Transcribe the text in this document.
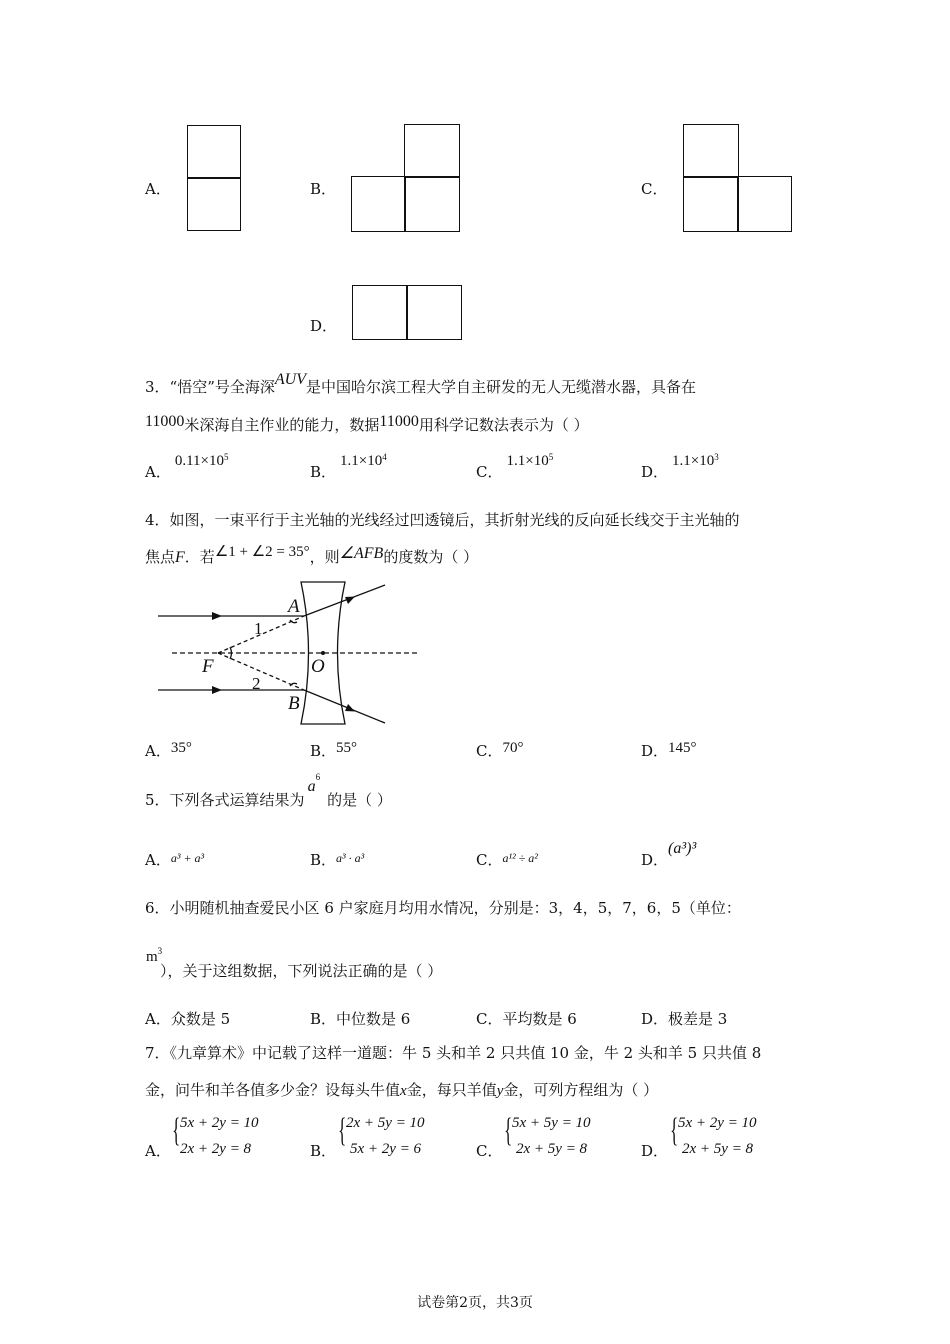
A．	B．	C．
D．
3．“悟空”号全海深AUV是中国哈尔滨工程大学自主研发的无人无缆潜水器，具备在
11000米深海自主作业的能力，数据11000用科学记数法表示为（ ）
A．$0.11\times 10^5$
B．$1.1\times 10^4$
C．$1.1\times 10^5$
D．$1.1\times 10^3$
4．如图，一束平行于主光轴的光线经过凹透镜后，其折射光线的反向延长线交于主光轴的
焦点F．若∠1 + ∠2 = 35°，则∠AFB的度数为（ ）
A
B
F	O
1
2
A．35°	B．55°	C．70°	D．145°
5．下列各式运算结果为$a^6$的是（ ）
A．$^{a^3 + a^3}$	B．$^{a^3 \cdot a^3}$	C．$^{a^{12} \div a^2}$	D．(a³)³
6．小明随机抽查爱民小区 6 户家庭月均用水情况，分别是：3，4，5，7，6，5（单位：
$m^3$
），关于这组数据，下列说法正确的是（ ）
A．众数是 5	B．中位数是 6	C．平均数是 6	D．极差是 3
7．《九章算术》中记载了这样一道题：牛 5 头和羊 2 只共值 10 金，牛 2 头和羊 5 只共值 8
金，问牛和羊各值多少金？设每头牛值x金，每只羊值y金，可列方程组为（ ）
A．
{ 5x + 2y = 10
2x + 2y = 8	B．
{ 2x + 5y = 10
5x + 2y = 6	C．
{ 5x + 5y = 10
2x + 5y = 8	D．
{ 5x + 2y = 10
2x + 5y = 8
试卷第2页，共3页
